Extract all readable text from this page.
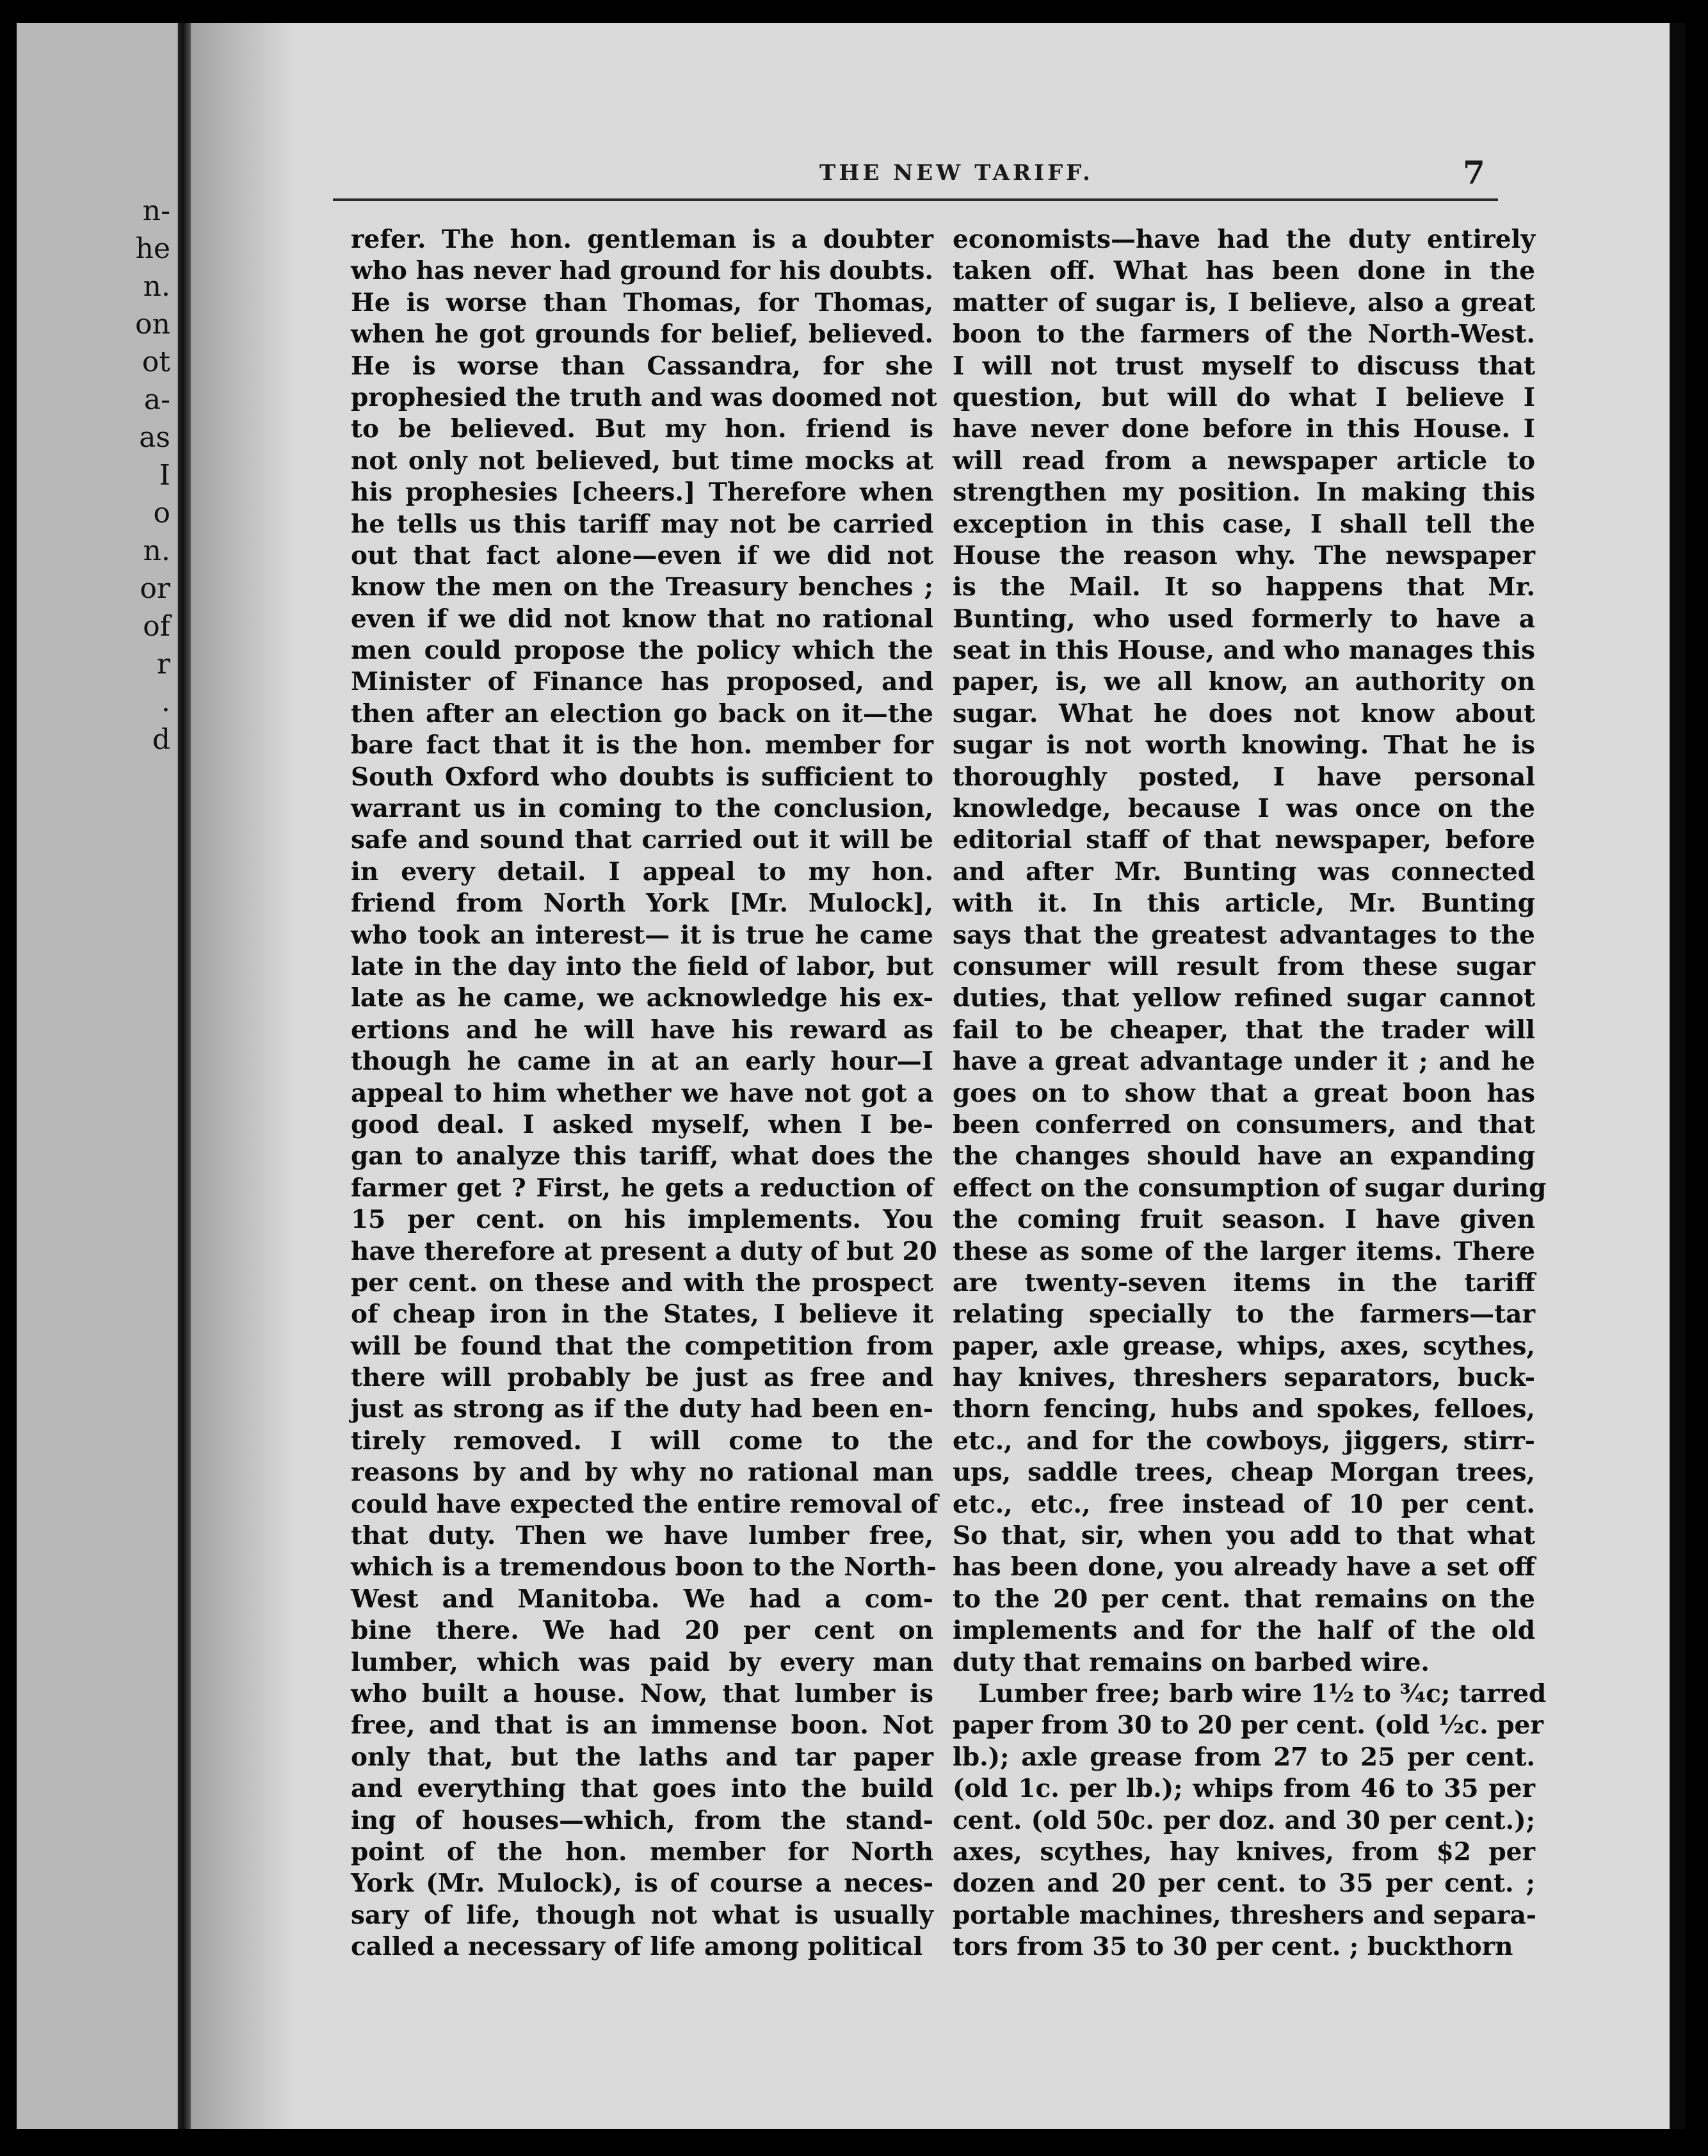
n-
he
n.
on
ot
a-
as
I
o
n.
or
of
r
.
d
THE NEW TARIFF.	7
refer. The hon. gentleman is a doubter
who has never had ground for his doubts.
He is worse than Thomas, for Thomas,
when he got grounds for belief, believed.
He is worse than Cassandra, for she
prophesied the truth and was doomed not
to be believed. But my hon. friend is
not only not believed, but time mocks at
his prophesies [cheers.] Therefore when
he tells us this tariff may not be carried
out that fact alone—even if we did not
know the men on the Treasury benches ;
even if we did not know that no rational
men could propose the policy which the
Minister of Finance has proposed, and
then after an election go back on it—the
bare fact that it is the hon. member for
South Oxford who doubts is sufficient to
warrant us in coming to the conclusion,
safe and sound that carried out it will be
in every detail. I appeal to my hon.
friend from North York [Mr. Mulock],
who took an interest— it is true he came
late in the day into the field of labor, but
late as he came, we acknowledge his ex-
ertions and he will have his reward as
though he came in at an early hour—I
appeal to him whether we have not got a
good deal. I asked myself, when I be-
gan to analyze this tariff, what does the
farmer get ? First, he gets a reduction of
15 per cent. on his implements. You
have therefore at present a duty of but 20
per cent. on these and with the prospect
of cheap iron in the States, I believe it
will be found that the competition from
there will probably be just as free and
just as strong as if the duty had been en-
tirely removed. I will come to the
reasons by and by why no rational man
could have expected the entire removal of
that duty. Then we have lumber free,
which is a tremendous boon to the North-
West and Manitoba. We had a com-
bine there. We had 20 per cent on
lumber, which was paid by every man
who built a house. Now, that lumber is
free, and that is an immense boon. Not
only that, but the laths and tar paper
and everything that goes into the build
ing of houses—which, from the stand-
point of the hon. member for North
York (Mr. Mulock), is of course a neces-
sary of life, though not what is usually
called a necessary of life among political
economists—have had the duty entirely
taken off. What has been done in the
matter of sugar is, I believe, also a great
boon to the farmers of the North-West.
I will not trust myself to discuss that
question, but will do what I believe I
have never done before in this House. I
will read from a newspaper article to
strengthen my position. In making this
exception in this case, I shall tell the
House the reason why. The newspaper
is the Mail. It so happens that Mr.
Bunting, who used formerly to have a
seat in this House, and who manages this
paper, is, we all know, an authority on
sugar. What he does not know about
sugar is not worth knowing. That he is
thoroughly posted, I have personal
knowledge, because I was once on the
editorial staff of that newspaper, before
and after Mr. Bunting was connected
with it. In this article, Mr. Bunting
says that the greatest advantages to the
consumer will result from these sugar
duties, that yellow refined sugar cannot
fail to be cheaper, that the trader will
have a great advantage under it ; and he
goes on to show that a great boon has
been conferred on consumers, and that
the changes should have an expanding
effect on the consumption of sugar during
the coming fruit season. I have given
these as some of the larger items. There
are twenty-seven items in the tariff
relating specially to the farmers—tar
paper, axle grease, whips, axes, scythes,
hay knives, threshers separators, buck-
thorn fencing, hubs and spokes, felloes,
etc., and for the cowboys, jiggers, stirr-
ups, saddle trees, cheap Morgan trees,
etc., etc., free instead of 10 per cent.
So that, sir, when you add to that what
has been done, you already have a set off
to the 20 per cent. that remains on the
implements and for the half of the old
duty that remains on barbed wire.
Lumber free; barb wire 1½ to ¾c; tarred
paper from 30 to 20 per cent. (old ½c. per
lb.); axle grease from 27 to 25 per cent.
(old 1c. per lb.); whips from 46 to 35 per
cent. (old 50c. per doz. and 30 per cent.);
axes, scythes, hay knives, from $2 per
dozen and 20 per cent. to 35 per cent. ;
portable machines, threshers and separa-
tors from 35 to 30 per cent. ; buckthorn
